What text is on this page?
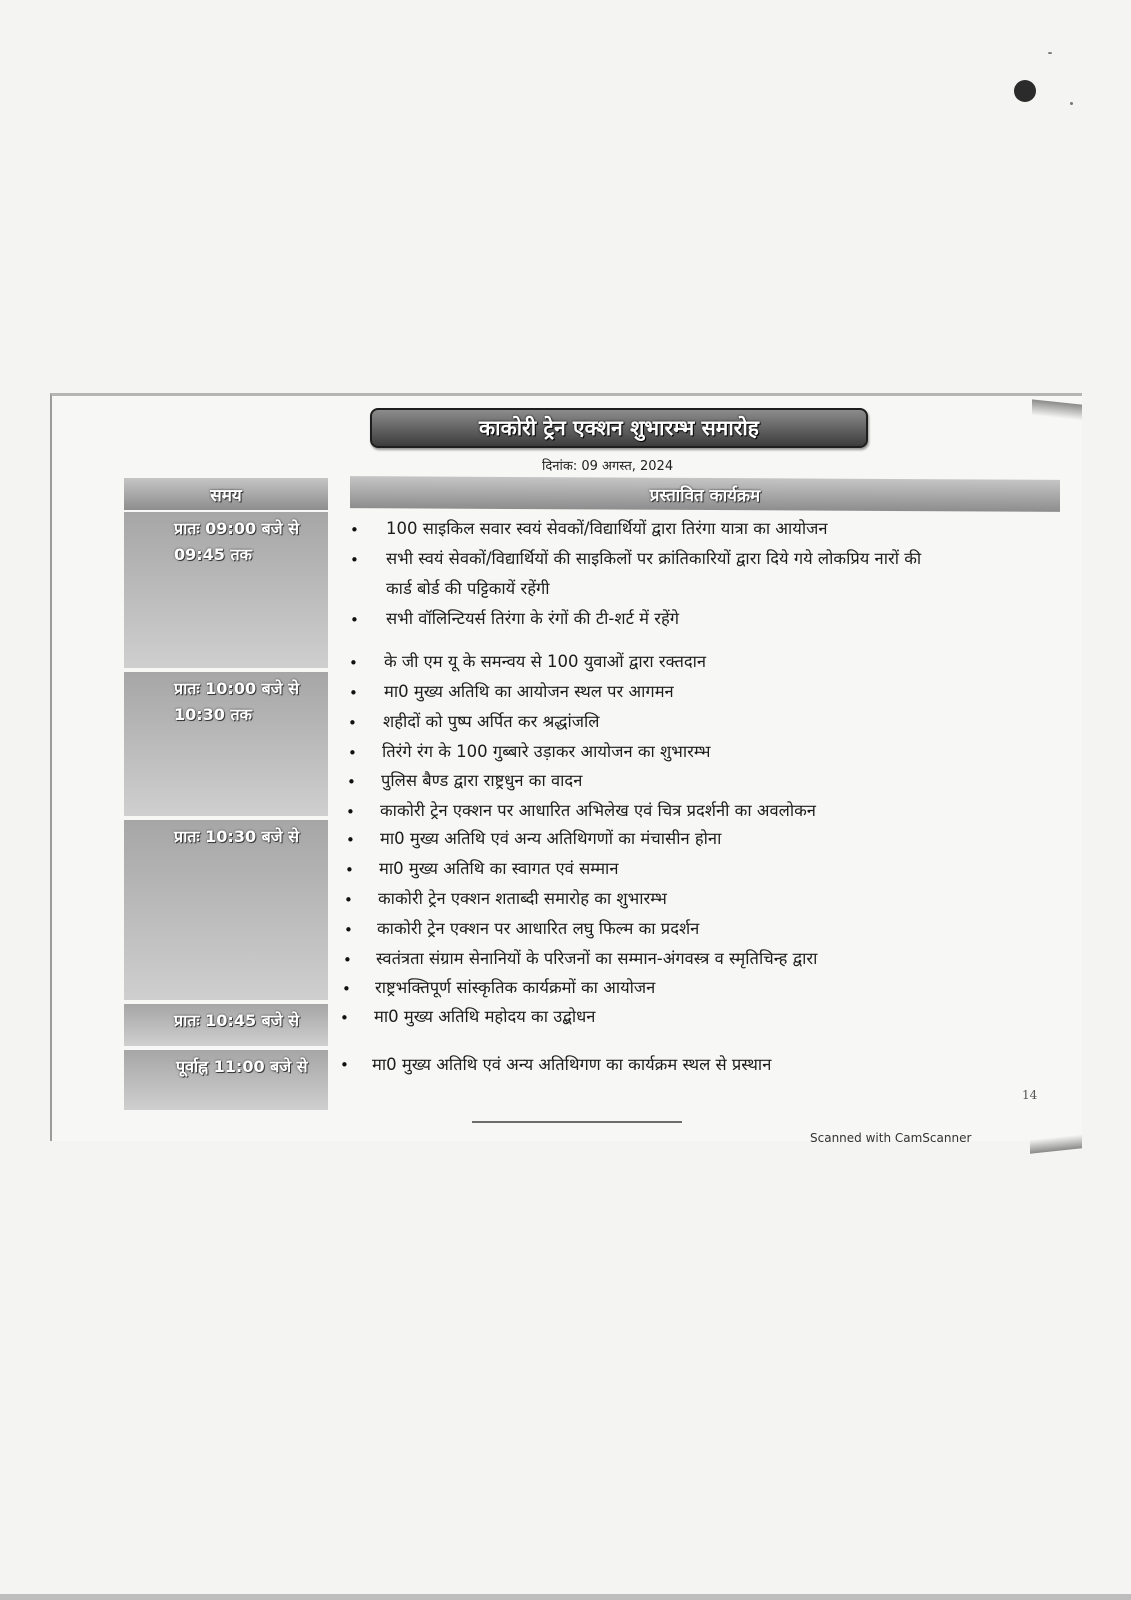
काकोरी ट्रेन एक्शन शुभारम्भ समारोह
दिनांक: 09 अगस्त, 2024
समय	प्रस्तावित कार्यक्रम
प्रातः 09:00 बजे से 09:45 तक
प्रातः 10:00 बजे से 10:30 तक
प्रातः 10:30 बजे से
प्रातः 10:45 बजे से
पूर्वाह्न 11:00 बजे से
•
•
•
•
•
•
•
•
•
•
•
•
•
•
•
•
•
100 साइकिल सवार स्वयं सेवकों/विद्यार्थियों द्वारा तिरंगा यात्रा का आयोजन
सभी स्वयं सेवकों/विद्यार्थियों की साइकिलों पर क्रांतिकारियों द्वारा दिये गये लोकप्रिय नारों की
कार्ड बोर्ड की पट्टिकायें रहेंगी
सभी वॉलिन्टियर्स तिरंगा के रंगों की टी-शर्ट में रहेंगे
के जी एम यू के समन्वय से 100 युवाओं द्वारा रक्तदान
मा0 मुख्य अतिथि का आयोजन स्थल पर आगमन
शहीदों को पुष्प अर्पित कर श्रद्धांजलि
तिरंगे रंग के 100 गुब्बारे उड़ाकर आयोजन का शुभारम्भ
पुलिस बैण्ड द्वारा राष्ट्रधुन का वादन
काकोरी ट्रेन एक्शन पर आधारित अभिलेख एवं चित्र प्रदर्शनी का अवलोकन
मा0 मुख्य अतिथि एवं अन्य अतिथिगणों का मंचासीन होना
मा0 मुख्य अतिथि का स्वागत एवं सम्मान
काकोरी ट्रेन एक्शन शताब्दी समारोह का शुभारम्भ
काकोरी ट्रेन एक्शन पर आधारित लघु फिल्म का प्रदर्शन
स्वतंत्रता संग्राम सेनानियों के परिजनों का सम्मान-अंगवस्त्र व स्मृतिचिन्ह द्वारा
राष्ट्रभक्तिपूर्ण सांस्कृतिक कार्यक्रमों का आयोजन
मा0 मुख्य अतिथि महोदय का उद्बोधन
मा0 मुख्य अतिथि एवं अन्य अतिथिगण का कार्यक्रम स्थल से प्रस्थान
14
Scanned with CamScanner
